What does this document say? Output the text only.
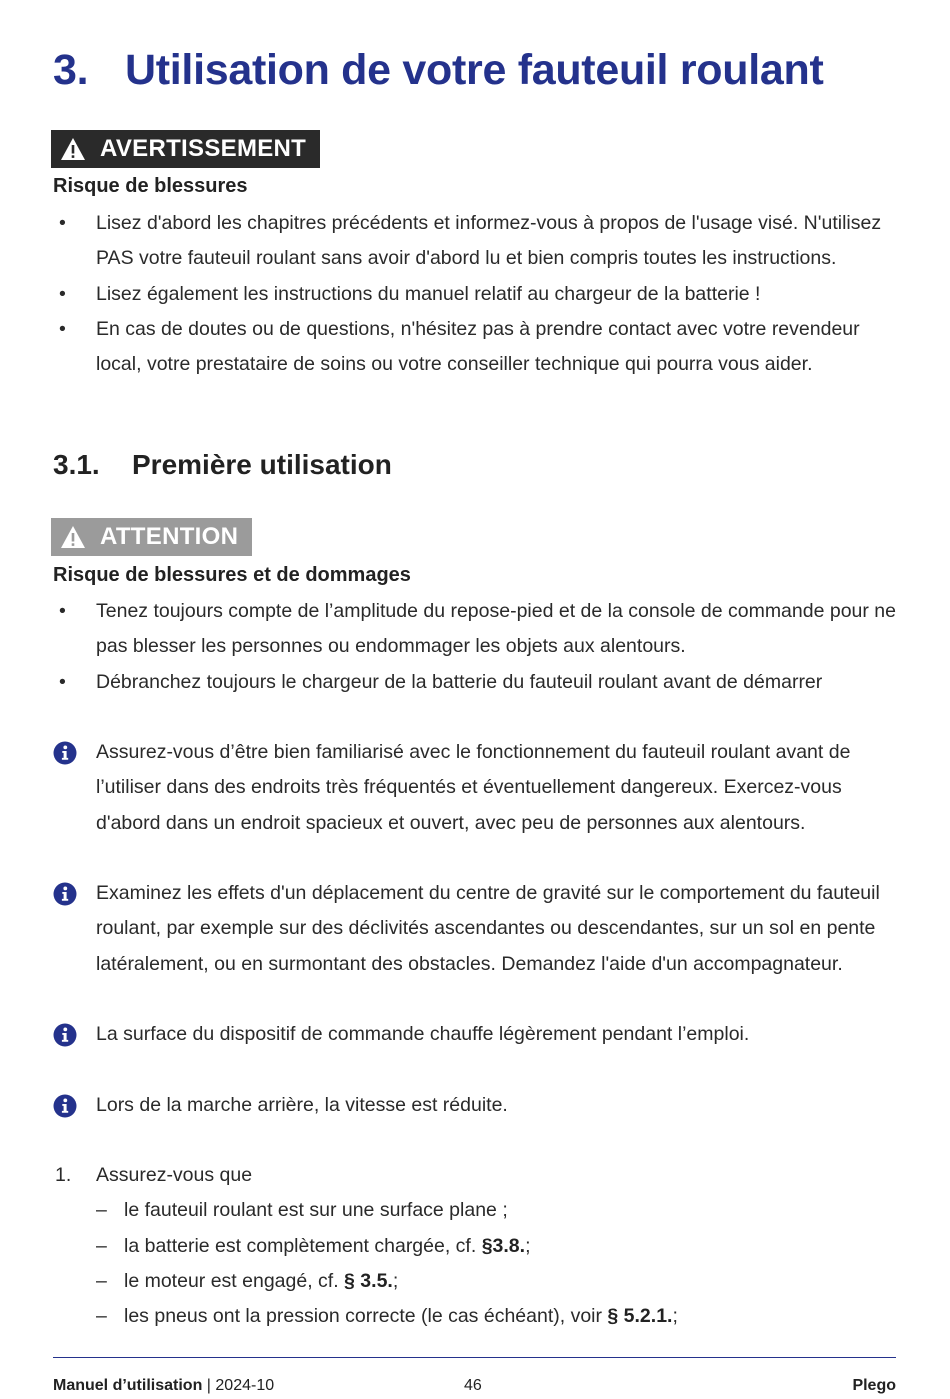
3. Utilisation de votre fauteuil roulant
AVERTISSEMENT

Risque de blessures

• Lisez d'abord les chapitres précédents et informez-vous à propos de l'usage visé. N'utilisez PAS votre fauteuil roulant sans avoir d'abord lu et bien compris toutes les instructions.
• Lisez également les instructions du manuel relatif au chargeur de la batterie !
• En cas de doutes ou de questions, n'hésitez pas à prendre contact avec votre revendeur local, votre prestataire de soins ou votre conseiller technique qui pourra vous aider.
3.1. Première utilisation
ATTENTION

Risque de blessures et de dommages

• Tenez toujours compte de l’amplitude du repose-pied et de la console de commande pour ne pas blesser les personnes ou endommager les objets aux alentours.
• Débranchez toujours le chargeur de la batterie du fauteuil roulant avant de démarrer

Assurez-vous d’être bien familiarisé avec le fonctionnement du fauteuil roulant avant de l’utiliser dans des endroits très fréquentés et éventuellement dangereux. Exercez-vous d'abord dans un endroit spacieux et ouvert, avec peu de personnes aux alentours.

Examinez les effets d'un déplacement du centre de gravité sur le comportement du fauteuil roulant, par exemple sur des déclivités ascendantes ou descendantes, sur un sol en pente latéralement, ou en surmontant des obstacles. Demandez l'aide d'un accompagnateur.

La surface du dispositif de commande chauffe légèrement pendant l’emploi.

Lors de la marche arrière, la vitesse est réduite.

1.	Assurez-vous que
– le fauteuil roulant est sur une surface plane ;
– la batterie est complètement chargée, cf. §3.8.;
– le moteur est engagé, cf. § 3.5.;
– les pneus ont la pression correcte (le cas échéant), voir § 5.2.1.;
Manuel d’utilisation | 2024-10	46	Plego
